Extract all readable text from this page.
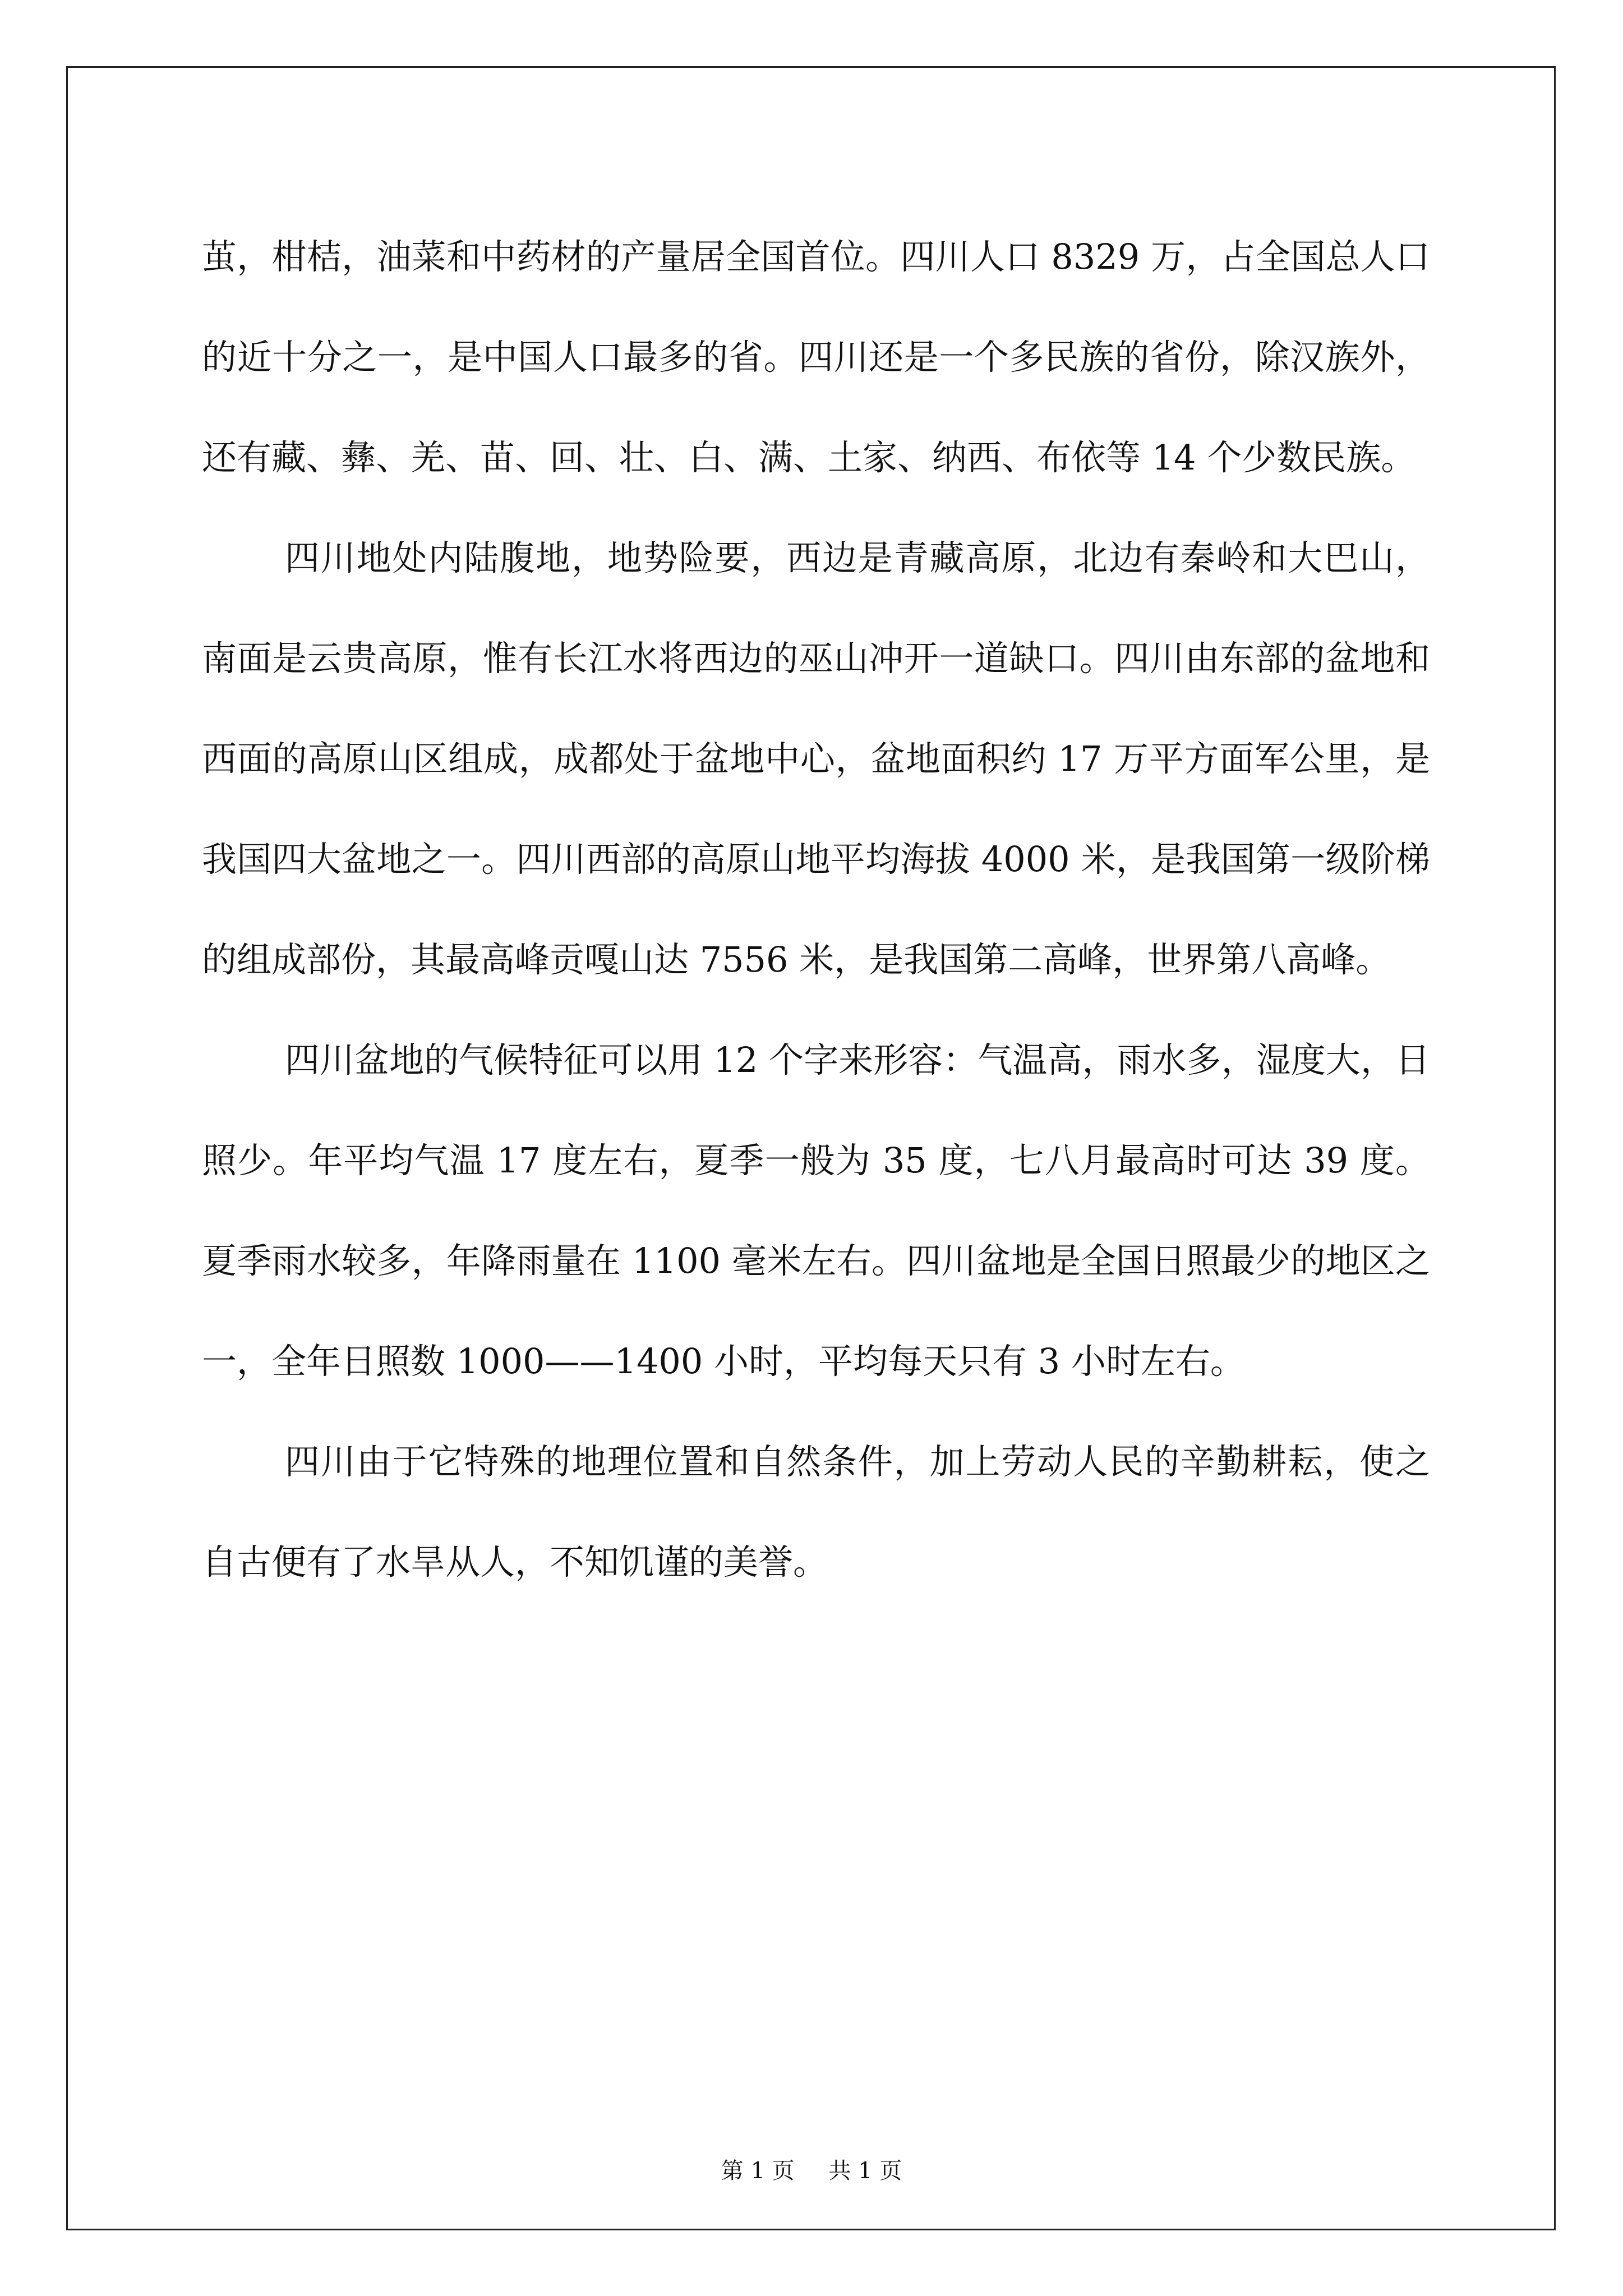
茧，柑桔，油菜和中药材的产量居全国首位。四川人口 8329 万，占全国总人口的近十分之一，是中国人口最多的省。四川还是一个多民族的省份，除汉族外，还有藏、彝、羌、苗、回、壮、白、满、土家、纳西、布依等 14 个少数民族。

四川地处内陆腹地，地势险要，西边是青藏高原，北边有秦岭和大巴山，南面是云贵高原，惟有长江水将西边的巫山冲开一道缺口。四川由东部的盆地和西面的高原山区组成，成都处于盆地中心，盆地面积约 17 万平方面军公里，是我国四大盆地之一。四川西部的高原山地平均海拔 4000 米，是我国第一级阶梯的组成部份，其最高峰贡嘎山达 7556 米，是我国第二高峰，世界第八高峰。

四川盆地的气候特征可以用 12 个字来形容：气温高，雨水多，湿度大，日照少。年平均气温 17 度左右，夏季一般为 35 度，七八月最高时可达 39 度。夏季雨水较多，年降雨量在 1100 毫米左右。四川盆地是全国日照最少的地区之一，全年日照数 1000——1400 小时，平均每天只有 3 小时左右。

四川由于它特殊的地理位置和自然条件，加上劳动人民的辛勤耕耘，使之自古便有了水旱从人，不知饥谨的美誉。

第 1 页 共 1 页
